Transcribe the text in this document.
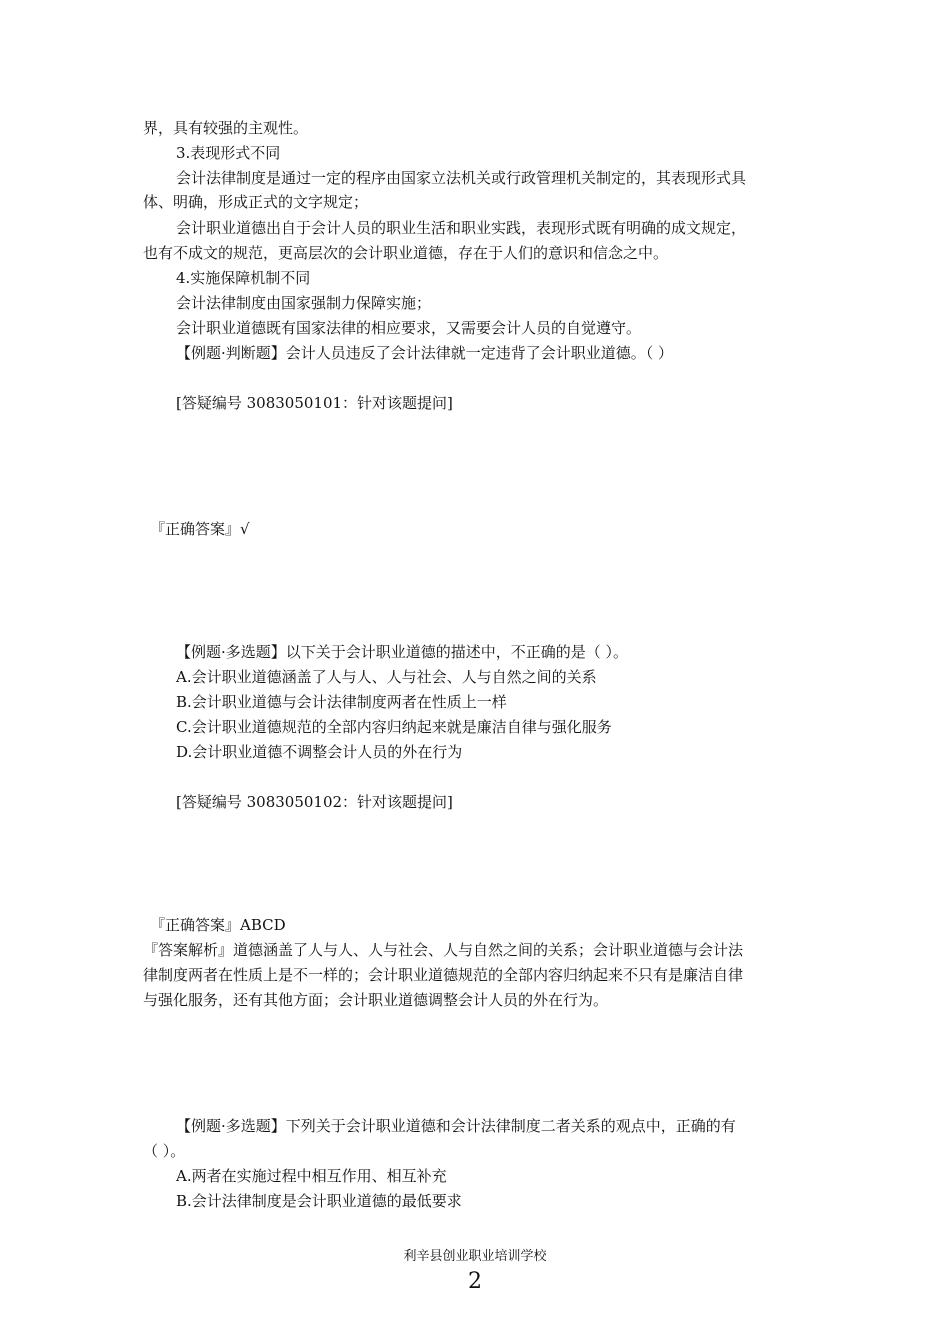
界，具有较强的主观性。
3.表现形式不同
会计法律制度是通过一定的程序由国家立法机关或行政管理机关制定的，其表现形式具
体、明确，形成正式的文字规定；
会计职业道德出自于会计人员的职业生活和职业实践，表现形式既有明确的成文规定，
也有不成文的规范，更高层次的会计职业道德，存在于人们的意识和信念之中。
4.实施保障机制不同
会计法律制度由国家强制力保障实施；
会计职业道德既有国家法律的相应要求，又需要会计人员的自觉遵守。
【例题·判断题】会计人员违反了会计法律就一定违背了会计职业道德。（ ）
[答疑编号 3083050101：针对该题提问]
『正确答案』√
【例题·多选题】以下关于会计职业道德的描述中，不正确的是（ ）。
A.会计职业道德涵盖了人与人、人与社会、人与自然之间的关系
B.会计职业道德与会计法律制度两者在性质上一样
C.会计职业道德规范的全部内容归纳起来就是廉洁自律与强化服务
D.会计职业道德不调整会计人员的外在行为
[答疑编号 3083050102：针对该题提问]
『正确答案』ABCD
『答案解析』道德涵盖了人与人、人与社会、人与自然之间的关系；会计职业道德与会计法
律制度两者在性质上是不一样的；会计职业道德规范的全部内容归纳起来不只有是廉洁自律
与强化服务，还有其他方面；会计职业道德调整会计人员的外在行为。
【例题·多选题】下列关于会计职业道德和会计法律制度二者关系的观点中，正确的有
（ ）。
A.两者在实施过程中相互作用、相互补充
B.会计法律制度是会计职业道德的最低要求
利辛县创业职业培训学校
2
